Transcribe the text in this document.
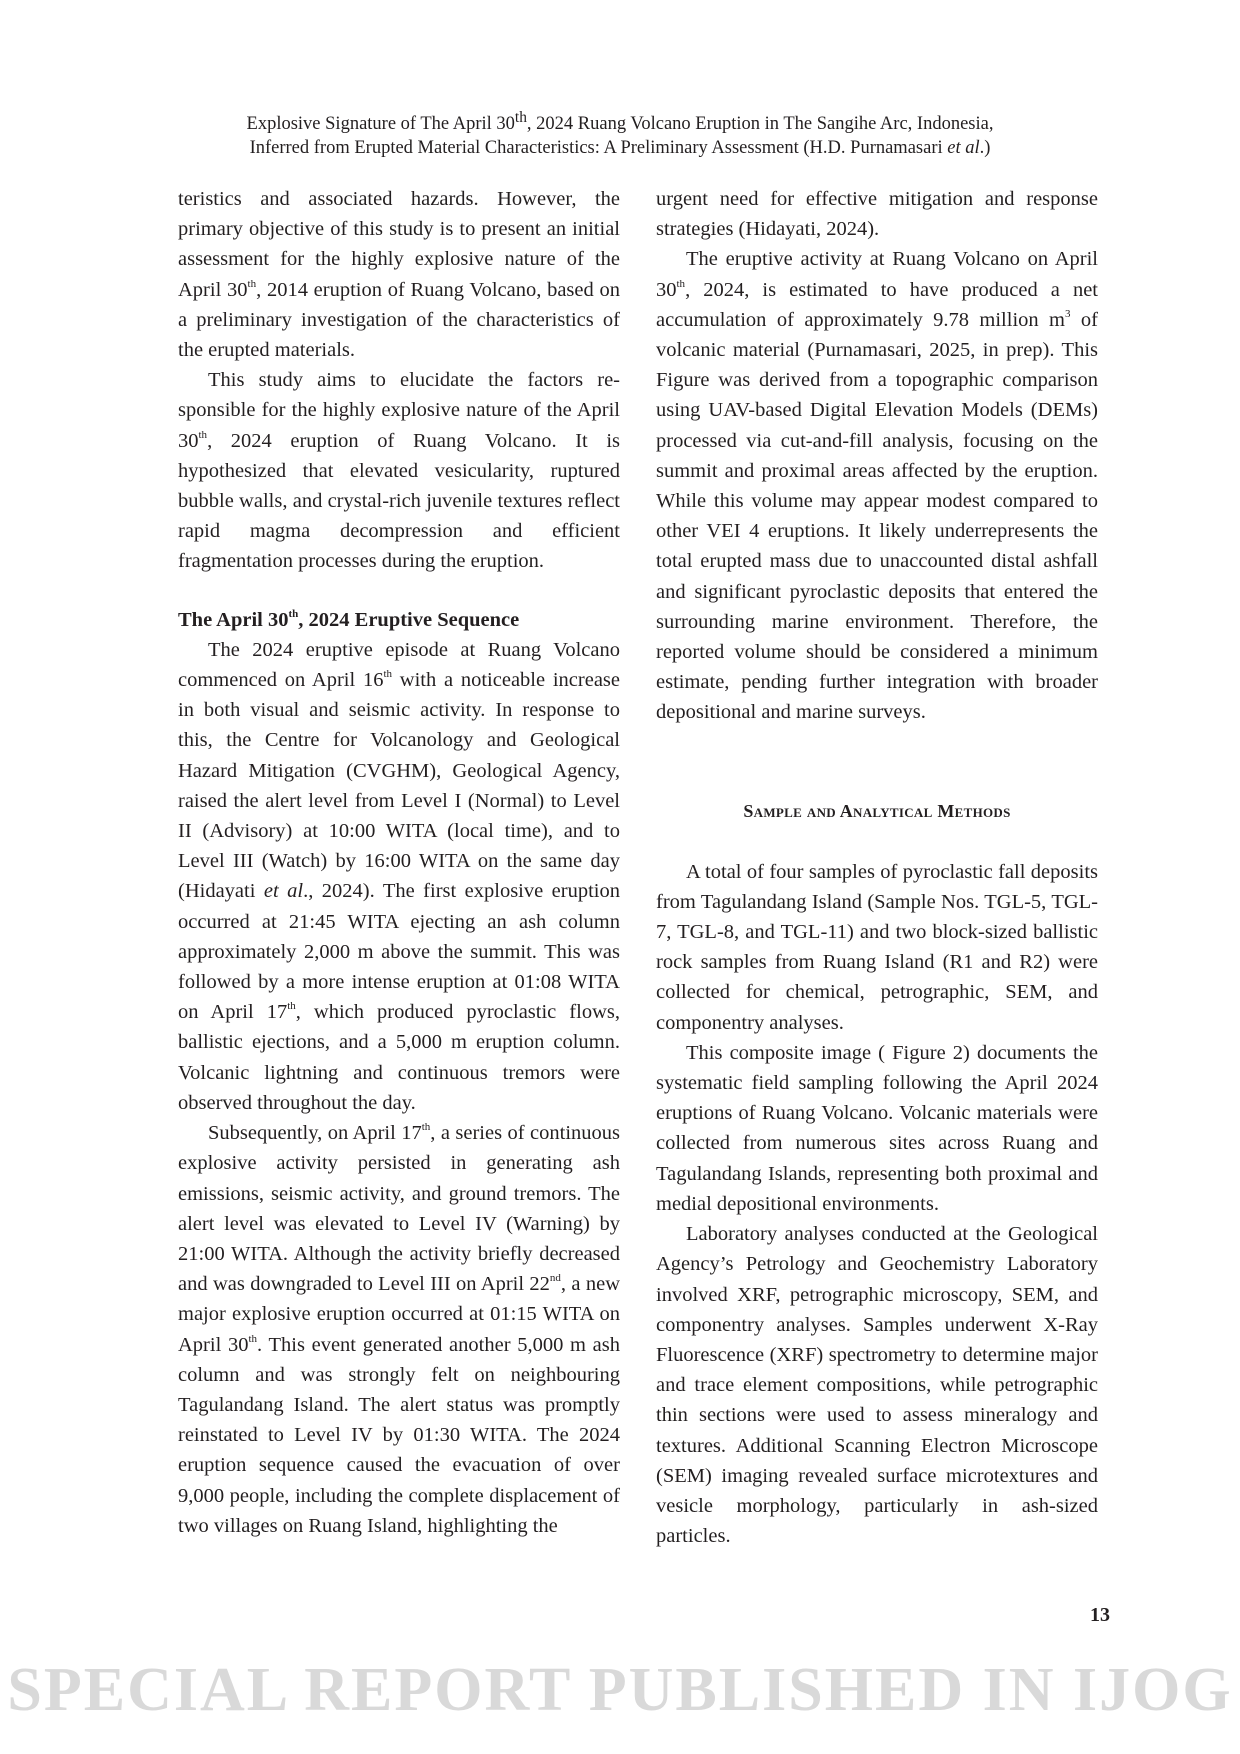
Explosive Signature of The April 30th, 2024 Ruang Volcano Eruption in The Sangihe Arc, Indonesia,
Inferred from Erupted Material Characteristics: A Preliminary Assessment (H.D. Purnamasari et al.)

teristics and associated hazards. However, the primary objective of this study is to present an initial assessment for the highly explosive nature of the April 30th, 2014 eruption of Ruang Volcano, based on a preliminary investigation of the characteristics of the erupted materials.

This study aims to elucidate the factors responsible for the highly explosive nature of the April 30th, 2024 eruption of Ruang Volcano. It is hypothesized that elevated vesicularity, ruptured bubble walls, and crystal-rich juvenile textures reflect rapid magma decompression and efficient fragmentation processes during the eruption.

The April 30th, 2024 Eruptive Sequence

The 2024 eruptive episode at Ruang Volcano commenced on April 16th with a noticeable increase in both visual and seismic activity. In response to this, the Centre for Volcanology and Geological Hazard Mitigation (CVGHM), Geological Agency, raised the alert level from Level I (Normal) to Level II (Advisory) at 10:00 WITA (local time), and to Level III (Watch) by 16:00 WITA on the same day (Hidayati et al., 2024). The first explosive eruption occurred at 21:45 WITA ejecting an ash column approximately 2,000 m above the summit. This was followed by a more intense eruption at 01:08 WITA on April 17th, which produced pyroclastic flows, ballistic ejections, and a 5,000 m eruption column. Volcanic lightning and continuous tremors were observed throughout the day.

Subsequently, on April 17th, a series of continuous explosive activity persisted in generating ash emissions, seismic activity, and ground tremors. The alert level was elevated to Level IV (Warning) by 21:00 WITA. Although the activity briefly decreased and was downgraded to Level III on April 22nd, a new major explosive eruption occurred at 01:15 WITA on April 30th. This event generated another 5,000 m ash column and was strongly felt on neighbouring Tagulandang Island. The alert status was promptly reinstated to Level IV by 01:30 WITA. The 2024 eruption sequence caused the evacuation of over 9,000 people, including the complete displacement of two villages on Ruang Island, highlighting the

urgent need for effective mitigation and response strategies (Hidayati, 2024).

The eruptive activity at Ruang Volcano on April 30th, 2024, is estimated to have produced a net accumulation of approximately 9.78 million $m^3$ of volcanic material (Purnamasari, 2025, in prep). This Figure was derived from a topographic comparison using UAV-based Digital Elevation Models (DEMs) processed via cut-and-fill analysis, focusing on the summit and proximal areas affected by the eruption. While this volume may appear modest compared to other VEI 4 eruptions. It likely underrepresents the total erupted mass due to unaccounted distal ashfall and significant pyroclastic deposits that entered the surrounding marine environment. Therefore, the reported volume should be considered a minimum estimate, pending further integration with broader depositional and marine surveys.

Sample and Analytical Methods

A total of four samples of pyroclastic fall deposits from Tagulandang Island (Sample Nos. TGL-5, TGL-7, TGL-8, and TGL-11) and two block-sized ballistic rock samples from Ruang Island (R1 and R2) were collected for chemical, petrographic, SEM, and componentry analyses.

This composite image ( Figure 2) documents the systematic field sampling following the April 2024 eruptions of Ruang Volcano. Volcanic materials were collected from numerous sites across Ruang and Tagulandang Islands, representing both proximal and medial depositional environments.

Laboratory analyses conducted at the Geological Agency’s Petrology and Geochemistry Laboratory involved XRF, petrographic microscopy, SEM, and componentry analyses. Samples underwent X-Ray Fluorescence (XRF) spectrometry to determine major and trace element compositions, while petrographic thin sections were used to assess mineralogy and textures. Additional Scanning Electron Microscope (SEM) imaging revealed surface microtextures and vesicle morphology, particularly in ash-sized particles.

13
SPECIAL REPORT PUBLISHED IN IJOG
